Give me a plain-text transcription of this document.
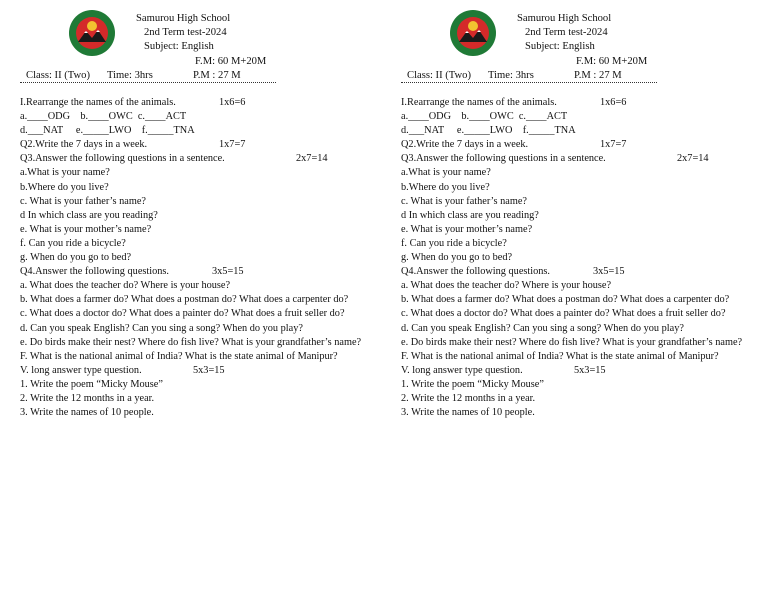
Samurou High School
2nd Term test-2024
Subject: English
F.M: 60 M+20M
Class: II (Two) Time: 3hrs	P.M : 27 M
I.Rearrange the names of the animals.	1x6=6
a.____ODG    b.____OWC  c.____ACT
d.___NAT     e._____LWO    f._____TNA
Q2.Write the 7 days in a week.	1x7=7
Q3.Answer the following questions in a sentence.	2x7=14
a.What is your name?
b.Where do you live?
c. What is your father’s name?
d In which class are you reading?
e. What is your mother’s name?
f. Can you ride a bicycle?
g. When do you go to bed?
Q4.Answer the following questions.	3x5=15
a. What does the teacher do? Where is your house?
b. What does a farmer do? What does a postman do? What does a carpenter do?
c. What does a doctor do? What does a painter do? What does a fruit seller do?
d. Can you speak English? Can you sing a song? When do you play?
e. Do birds make their nest? Where do fish live? What is your grandfather’s name?
F. What is the national animal of India? What is the state animal of Manipur?
V. long answer type question.	5x3=15
1. Write the poem “Micky Mouse”
2. Write the 12 months in a year.
3. Write the names of 10 people.
Samurou High School
2nd Term test-2024
Subject: English
F.M: 60 M+20M
Class: II (Two) Time: 3hrs	P.M : 27 M
I.Rearrange the names of the animals.	1x6=6
a.____ODG    b.____OWC  c.____ACT
d.___NAT     e._____LWO    f._____TNA
Q2.Write the 7 days in a week.	1x7=7
Q3.Answer the following questions in a sentence.	2x7=14
a.What is your name?
b.Where do you live?
c. What is your father’s name?
d In which class are you reading?
e. What is your mother’s name?
f. Can you ride a bicycle?
g. When do you go to bed?
Q4.Answer the following questions.	3x5=15
a. What does the teacher do? Where is your house?
b. What does a farmer do? What does a postman do? What does a carpenter do?
c. What does a doctor do? What does a painter do? What does a fruit seller do?
d. Can you speak English? Can you sing a song? When do you play?
e. Do birds make their nest? Where do fish live? What is your grandfather’s name?
F. What is the national animal of India? What is the state animal of Manipur?
V. long answer type question.	5x3=15
1. Write the poem “Micky Mouse”
2. Write the 12 months in a year.
3. Write the names of 10 people.
